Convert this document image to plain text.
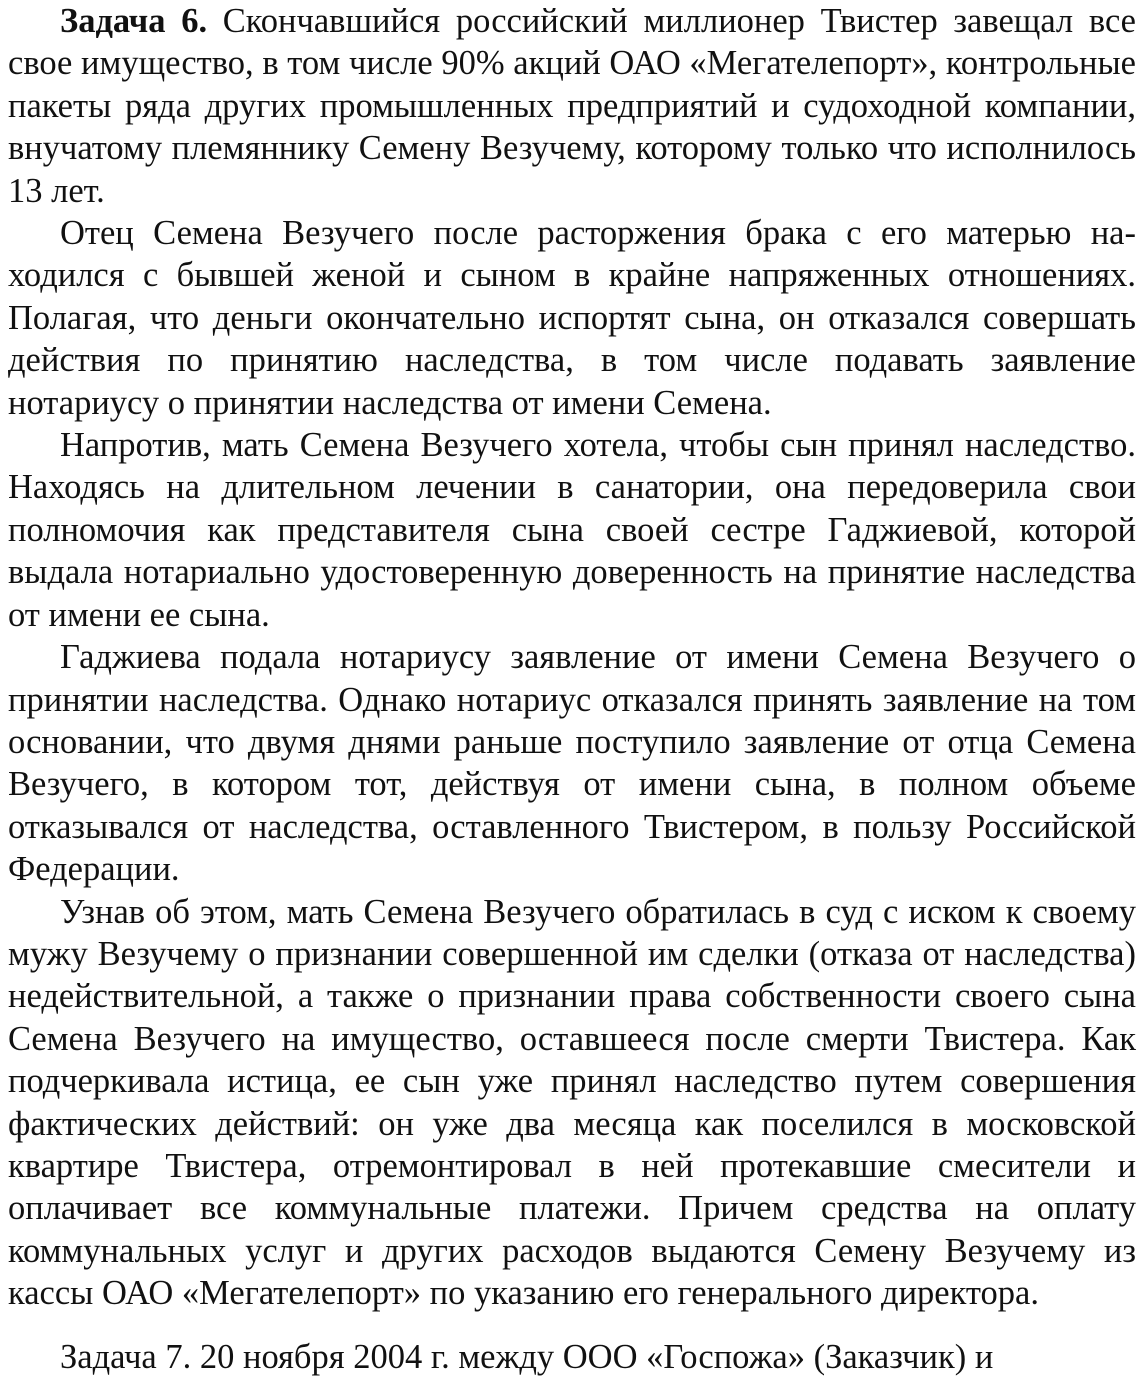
Задача 6. Скончавшийся российский миллионер Твистер завещал все свое имущество, в том числе 90% акций ОАО «Мегателепорт», контрольные пакеты ряда других промышленных предприятий и судоходной компании, внучатому племяннику Семену Везучему, которому только что исполнилось 13 лет.

Отец Семена Везучего после расторжения брака с его матерью находился с бывшей женой и сыном в крайне напряженных отношениях. Полагая, что деньги окончательно испортят сына, он отказался совершать действия по принятию наследства, в том числе подавать заявление нотариусу о принятии наследства от имени Семена.

Напротив, мать Семена Везучего хотела, чтобы сын принял наследство. Находясь на длительном лечении в санатории, она передоверила свои полномочия как представителя сына своей сестре Гаджиевой, которой выдала нотариально удостоверенную доверенность на принятие наследства от имени ее сына.

Гаджиева подала нотариусу заявление от имени Семена Везучего о принятии наследства. Однако нотариус отказался принять заявление на том основании, что двумя днями раньше поступило заявление от отца Семена Везучего, в котором тот, действуя от имени сына, в полном объеме отказывался от наследства, оставленного Твистером, в пользу Российской Федерации.

Узнав об этом, мать Семена Везучего обратилась в суд с иском к своему мужу Везучему о признании совершенной им сделки (отказа от наследства) недействительной, а также о признании права собственности своего сына Семена Везучего на имущество, оставшееся после смерти Твистера. Как подчеркивала истица, ее сын уже принял наследство путем совершения фактических действий: он уже два месяца как поселился в московской квартире Твистера, отремонтировал в ней протекавшие смесители и оплачивает все коммунальные платежи. Причем средства на оплату коммунальных услуг и других расходов выдаются Семену Везучему из кассы ОАО «Мегателепорт» по указанию его генерального директора.

Задача 7. 20 ноября 2004 г. между ООО «Госпожа» (Заказчик) и
